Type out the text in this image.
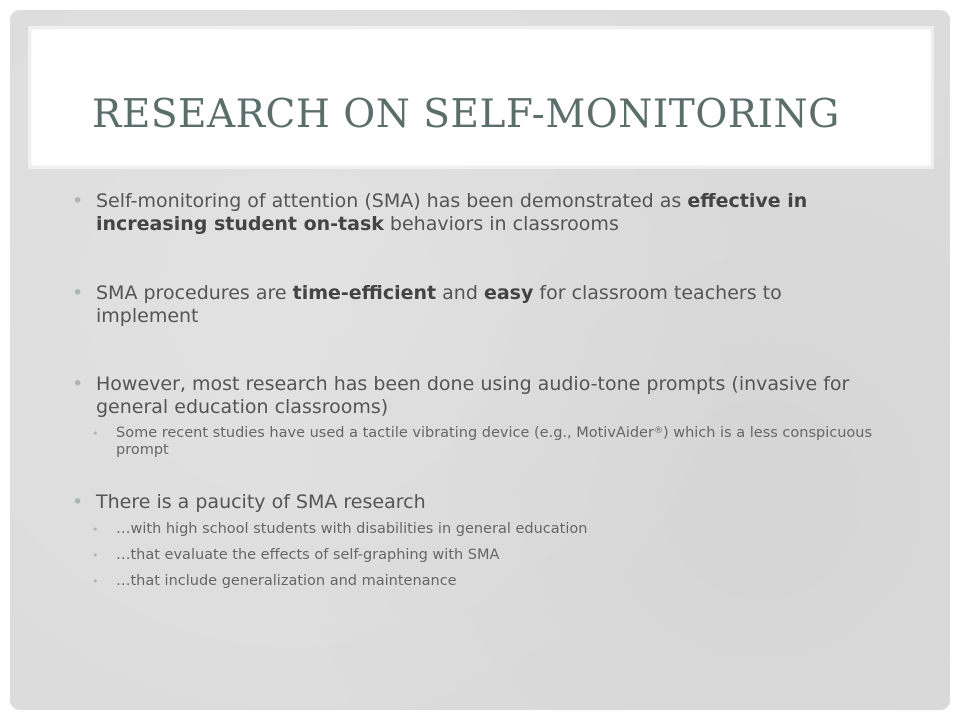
RESEARCH ON SELF-MONITORING

• Self-monitoring of attention (SMA) has been demonstrated as effective in increasing student on-task behaviors in classrooms

• SMA procedures are time-efficient and easy for classroom teachers to implement

• However, most research has been done using audio-tone prompts (invasive for general education classrooms)

• Some recent studies have used a tactile vibrating device (e.g., MotivAider®) which is a less conspicuous prompt

• There is a paucity of SMA research

• …with high school students with disabilities in general education

• …that evaluate the effects of self-graphing with SMA

• …that include generalization and maintenance
